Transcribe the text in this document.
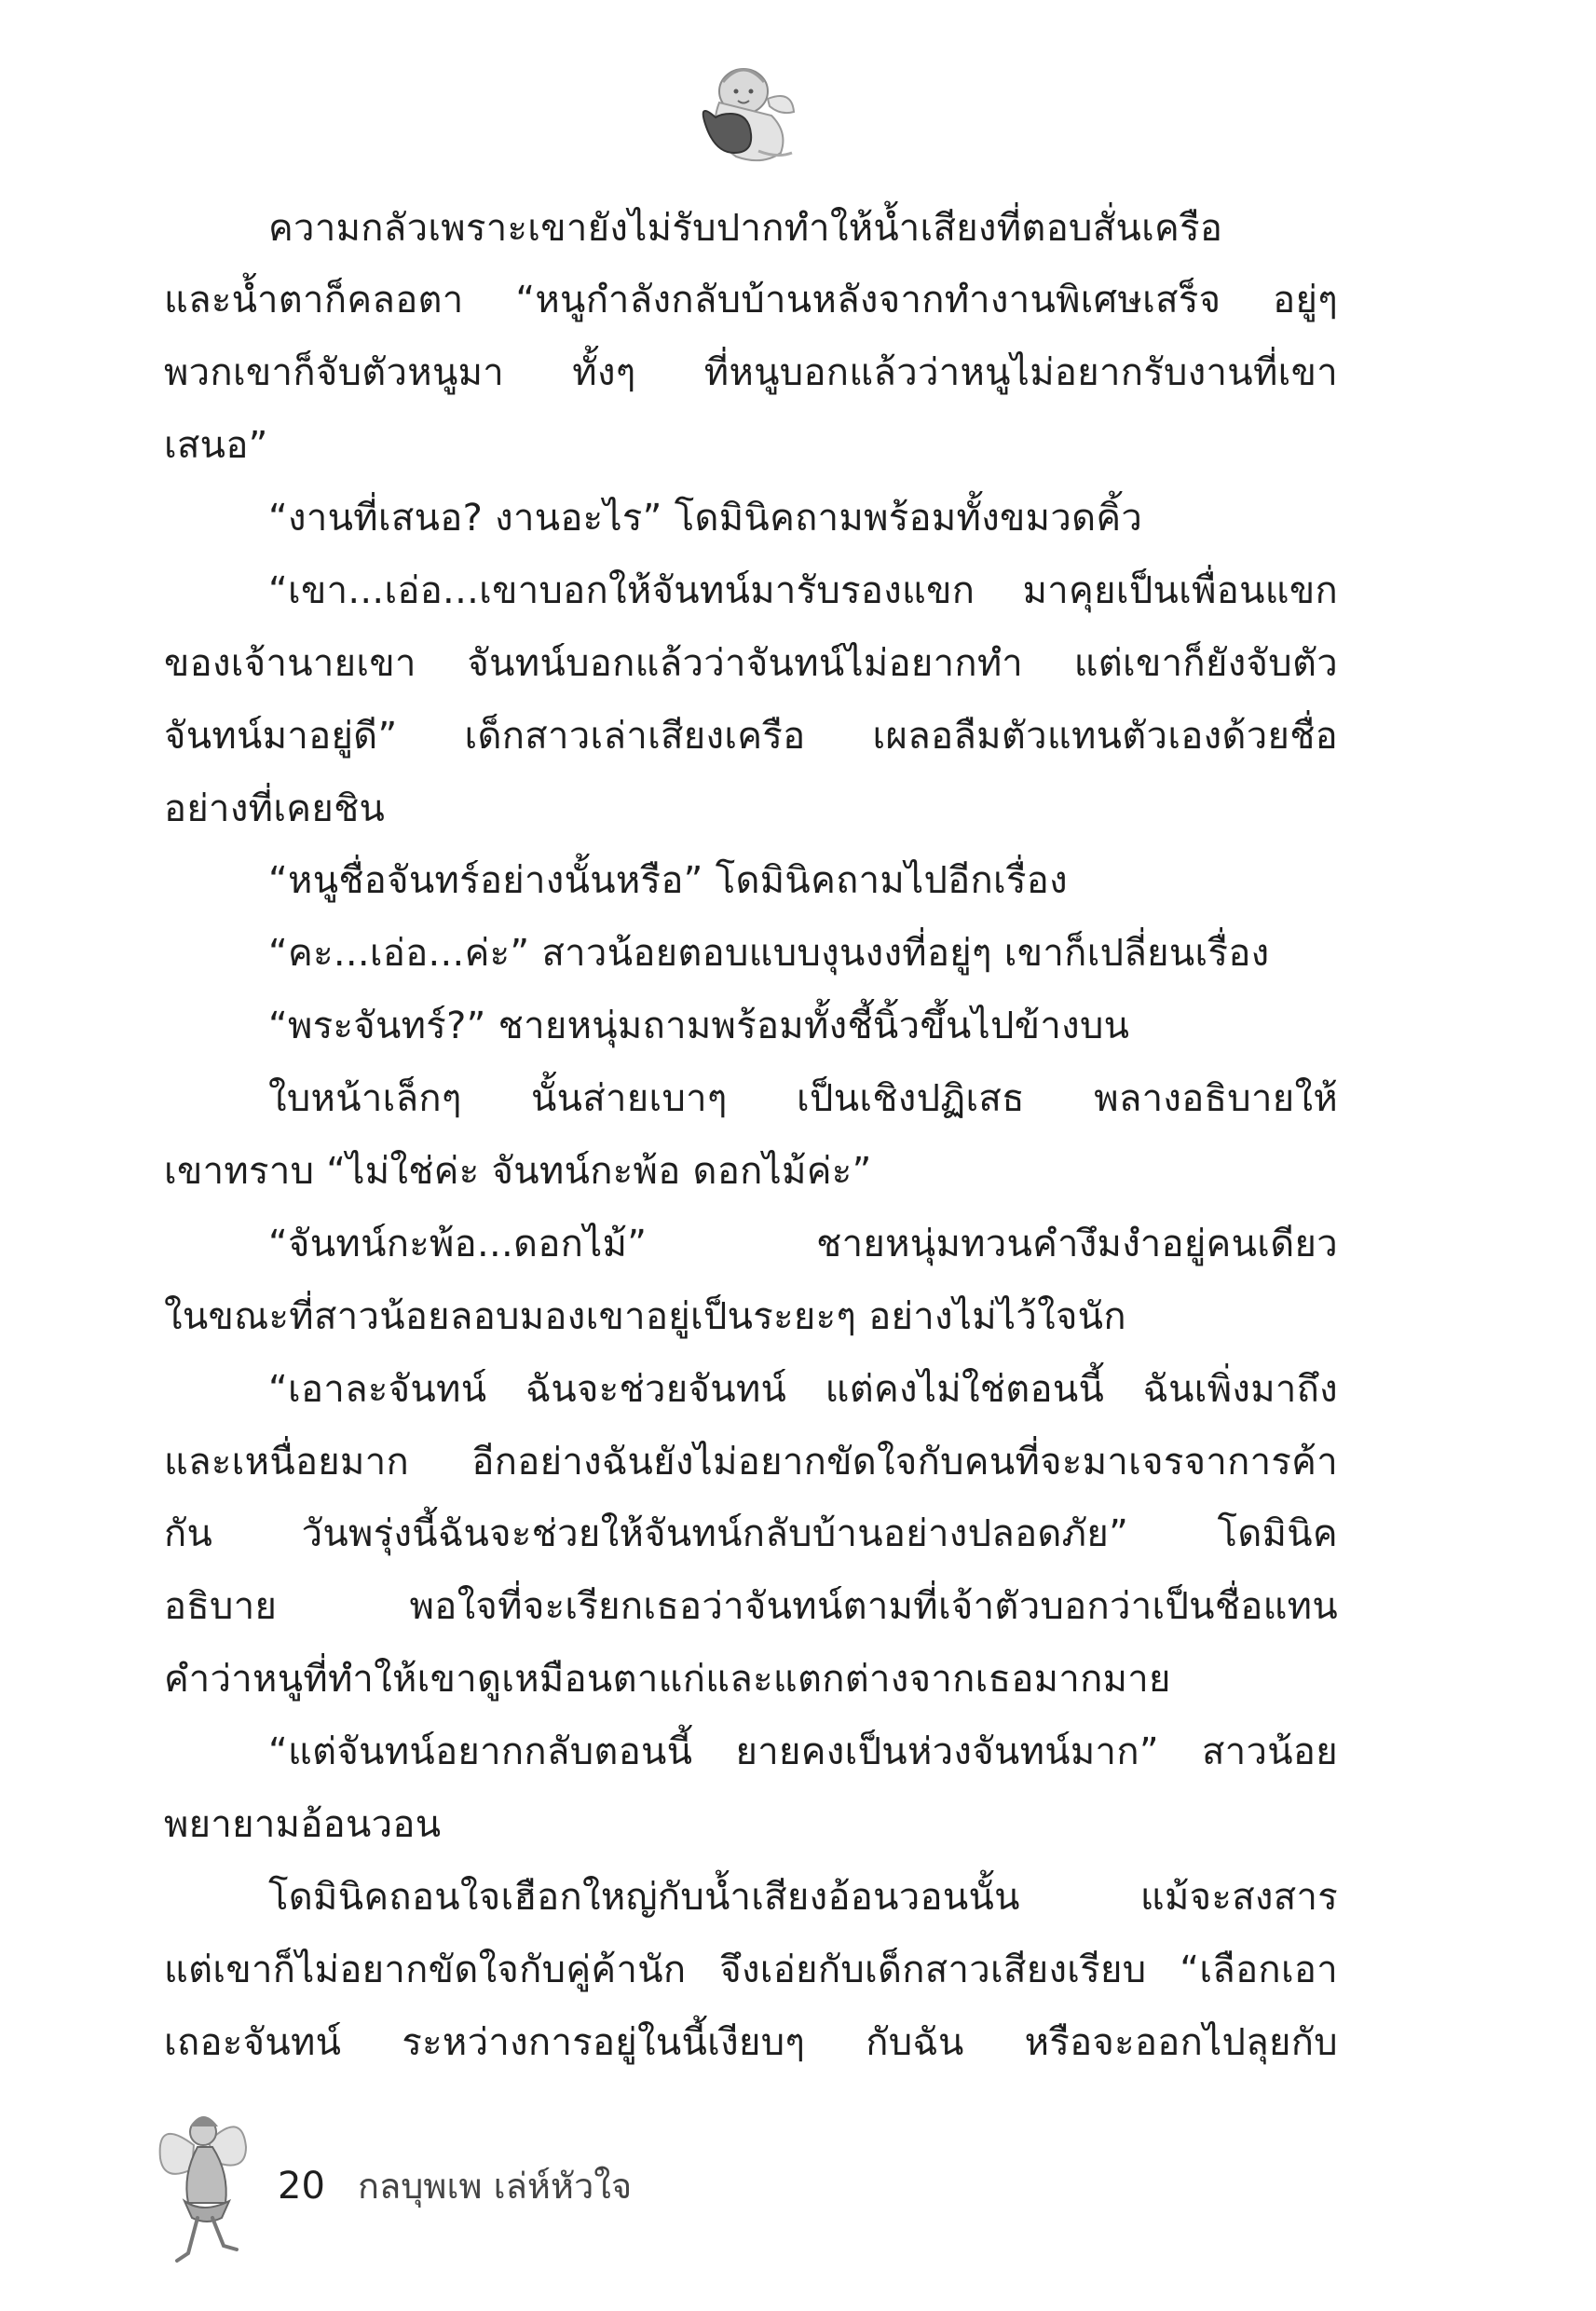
ความกลัวเพราะเขายังไม่รับปากทำให้น้ำเสียงที่ตอบสั่นเครือ
และน้ำตาก็คลอตา “หนูกำลังกลับบ้านหลังจากทำงานพิเศษเสร็จ อยู่ๆ
พวกเขาก็จับตัวหนูมา ทั้งๆ ที่หนูบอกแล้วว่าหนูไม่อยากรับงานที่เขา
เสนอ”
“งานที่เสนอ? งานอะไร” โดมินิคถามพร้อมทั้งขมวดคิ้ว
“เขา...เอ่อ...เขาบอกให้จันทน์มารับรองแขก มาคุยเป็นเพื่อนแขก
ของเจ้านายเขา จันทน์บอกแล้วว่าจันทน์ไม่อยากทำ แต่เขาก็ยังจับตัว
จันทน์มาอยู่ดี” เด็กสาวเล่าเสียงเครือ เผลอลืมตัวแทนตัวเองด้วยชื่อ
อย่างที่เคยชิน
“หนูชื่อจันทร์อย่างนั้นหรือ” โดมินิคถามไปอีกเรื่อง
“คะ...เอ่อ...ค่ะ” สาวน้อยตอบแบบงุนงงที่อยู่ๆ เขาก็เปลี่ยนเรื่อง
“พระจันทร์?” ชายหนุ่มถามพร้อมทั้งชี้นิ้วขึ้นไปข้างบน
ใบหน้าเล็กๆ นั้นส่ายเบาๆ เป็นเชิงปฏิเสธ พลางอธิบายให้
เขาทราบ “ไม่ใช่ค่ะ จันทน์กะพ้อ ดอกไม้ค่ะ”
“จันทน์กะพ้อ...ดอกไม้” ชายหนุ่มทวนคำงึมงำอยู่คนเดียว
ในขณะที่สาวน้อยลอบมองเขาอยู่เป็นระยะๆ อย่างไม่ไว้ใจนัก
“เอาละจันทน์ ฉันจะช่วยจันทน์ แต่คงไม่ใช่ตอนนี้ ฉันเพิ่งมาถึง
และเหนื่อยมาก อีกอย่างฉันยังไม่อยากขัดใจกับคนที่จะมาเจรจาการค้า
กัน วันพรุ่งนี้ฉันจะช่วยให้จันทน์กลับบ้านอย่างปลอดภัย” โดมินิค
อธิบาย พอใจที่จะเรียกเธอว่าจันทน์ตามที่เจ้าตัวบอกว่าเป็นชื่อแทน
คำว่าหนูที่ทำให้เขาดูเหมือนตาแก่และแตกต่างจากเธอมากมาย
“แต่จันทน์อยากกลับตอนนี้ ยายคงเป็นห่วงจันทน์มาก” สาวน้อย
พยายามอ้อนวอน
โดมินิคถอนใจเฮือกใหญ่กับน้ำเสียงอ้อนวอนนั้น แม้จะสงสาร
แต่เขาก็ไม่อยากขัดใจกับคู่ค้านัก จึงเอ่ยกับเด็กสาวเสียงเรียบ “เลือกเอา
เถอะจันทน์ ระหว่างการอยู่ในนี้เงียบๆ กับฉัน หรือจะออกไปลุยกับ
20 กลบุพเพ เล่ห์หัวใจ
